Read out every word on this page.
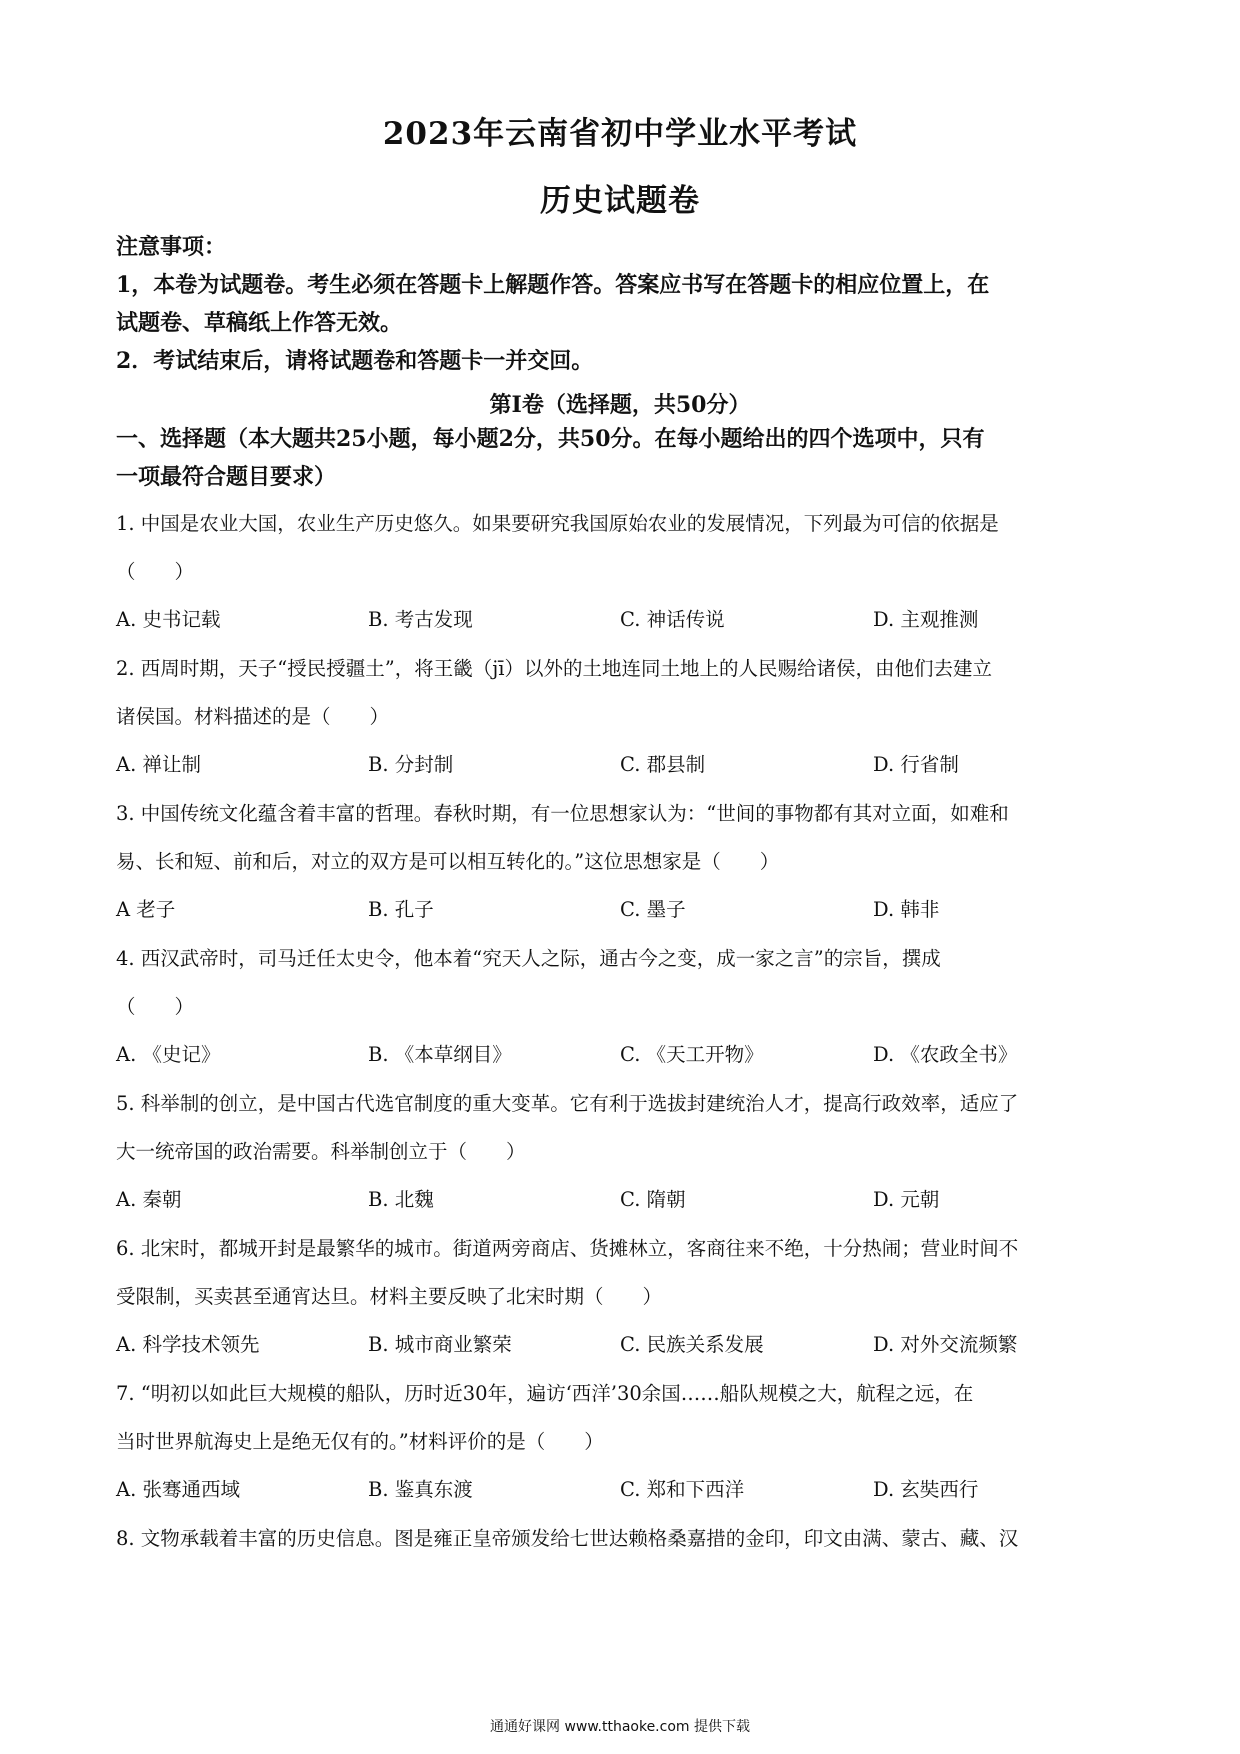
2023年云南省初中学业水平考试
历史试题卷
注意事项：
1，本卷为试题卷。考生必须在答题卡上解题作答。答案应书写在答题卡的相应位置上，在
试题卷、草稿纸上作答无效。
2．考试结束后，请将试题卷和答题卡一并交回。
第Ⅰ卷（选择题，共50分）
一、选择题（本大题共25小题，每小题2分，共50分。在每小题给出的四个选项中，只有
一项最符合题目要求）
1. 中国是农业大国，农业生产历史悠久。如果要研究我国原始农业的发展情况，下列最为可信的依据是
（　　）
A. 史书记载	B. 考古发现	C. 神话传说	D. 主观推测
2. 西周时期，天子“授民授疆土”，将王畿（jī）以外的土地连同土地上的人民赐给诸侯，由他们去建立
诸侯国。材料描述的是（　　）
A. 禅让制	B. 分封制	C. 郡县制	D. 行省制
3. 中国传统文化蕴含着丰富的哲理。春秋时期，有一位思想家认为：“世间的事物都有其对立面，如难和
易、长和短、前和后，对立的双方是可以相互转化的。”这位思想家是（　　）
A 老子	B. 孔子	C. 墨子	D. 韩非
4. 西汉武帝时，司马迁任太史令，他本着“究天人之际，通古今之变，成一家之言”的宗旨，撰成
（　　）
A. 《史记》	B. 《本草纲目》	C. 《天工开物》	D. 《农政全书》
5. 科举制的创立，是中国古代选官制度的重大变革。它有利于选拔封建统治人才，提高行政效率，适应了
大一统帝国的政治需要。科举制创立于（　　）
A. 秦朝	B. 北魏	C. 隋朝	D. 元朝
6. 北宋时，都城开封是最繁华的城市。街道两旁商店、货摊林立，客商往来不绝，十分热闹；营业时间不
受限制，买卖甚至通宵达旦。材料主要反映了北宋时期（　　）
A. 科学技术领先	B. 城市商业繁荣	C. 民族关系发展	D. 对外交流频繁
7. “明初以如此巨大规模的船队，历时近30年，遍访‘西洋’30余国……船队规模之大，航程之远，在
当时世界航海史上是绝无仅有的。”材料评价的是（　　）
A. 张骞通西域	B. 鉴真东渡	C. 郑和下西洋	D. 玄奘西行
8. 文物承载着丰富的历史信息。图是雍正皇帝颁发给七世达赖格桑嘉措的金印，印文由满、蒙古、藏、汉
通通好课网 www.tthaoke.com 提供下载
